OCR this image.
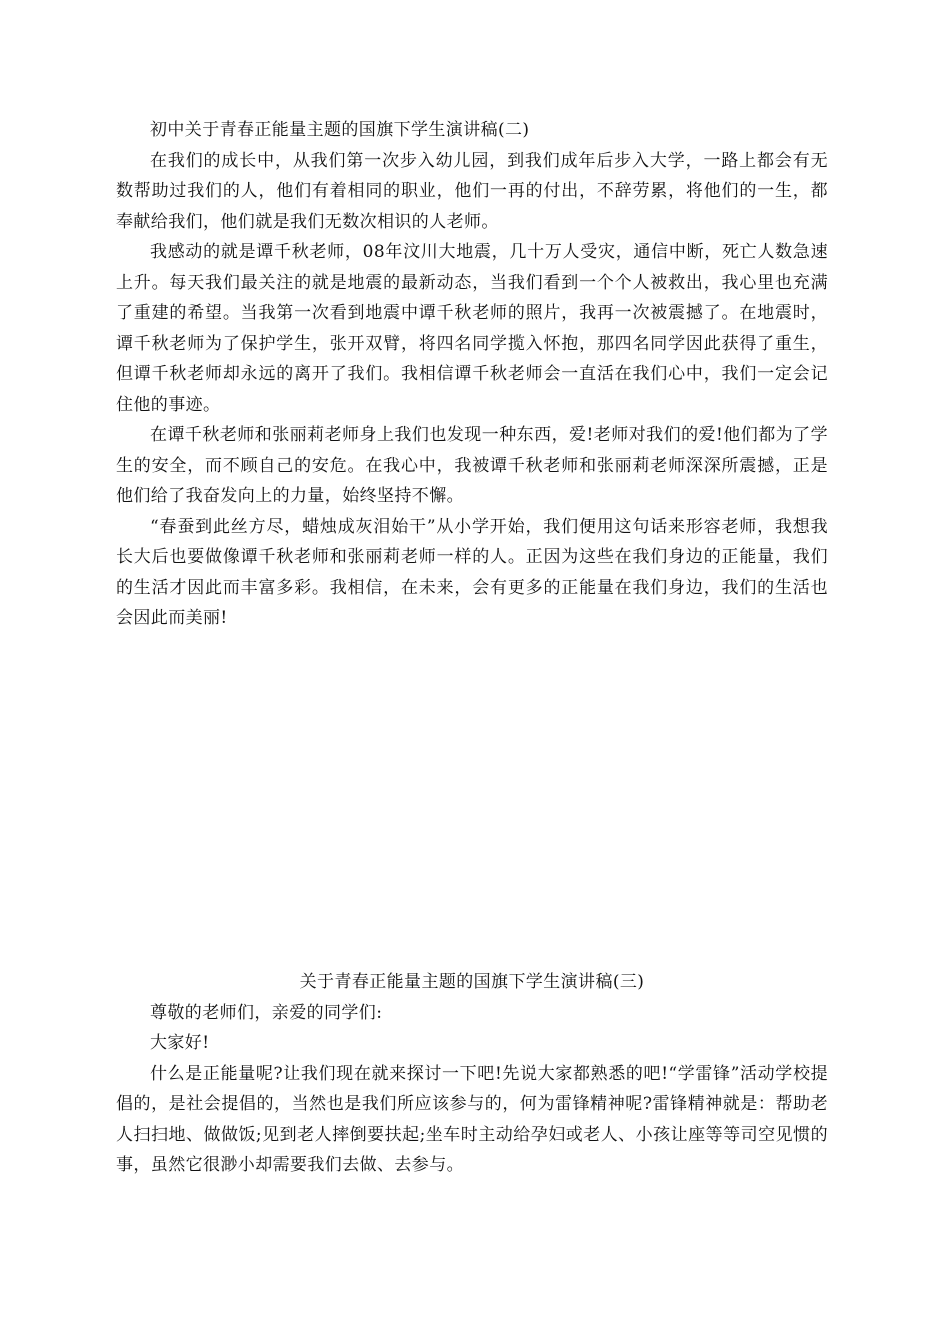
初中关于青春正能量主题的国旗下学生演讲稿(二)

在我们的成长中，从我们第一次步入幼儿园，到我们成年后步入大学，一路上都会有无数帮助过我们的人，他们有着相同的职业，他们一再的付出，不辞劳累，将他们的一生，都奉献给我们，他们就是我们无数次相识的人老师。

我感动的就是谭千秋老师，08年汶川大地震，几十万人受灾，通信中断，死亡人数急速上升。每天我们最关注的就是地震的最新动态，当我们看到一个个人被救出，我心里也充满了重建的希望。当我第一次看到地震中谭千秋老师的照片，我再一次被震撼了。在地震时，谭千秋老师为了保护学生，张开双臂，将四名同学揽入怀抱，那四名同学因此获得了重生，但谭千秋老师却永远的离开了我们。我相信谭千秋老师会一直活在我们心中，我们一定会记住他的事迹。

在谭千秋老师和张丽莉老师身上我们也发现一种东西，爱!老师对我们的爱!他们都为了学生的安全，而不顾自己的安危。在我心中，我被谭千秋老师和张丽莉老师深深所震撼，正是他们给了我奋发向上的力量，始终坚持不懈。

“春蚕到此丝方尽，蜡烛成灰泪始干”从小学开始，我们便用这句话来形容老师，我想我长大后也要做像谭千秋老师和张丽莉老师一样的人。正因为这些在我们身边的正能量，我们的生活才因此而丰富多彩。我相信，在未来，会有更多的正能量在我们身边，我们的生活也会因此而美丽!

关于青春正能量主题的国旗下学生演讲稿(三)

尊敬的老师们，亲爱的同学们:

大家好!

什么是正能量呢?让我们现在就来探讨一下吧!先说大家都熟悉的吧!“学雷锋”活动学校提倡的，是社会提倡的，当然也是我们所应该参与的，何为雷锋精神呢?雷锋精神就是：帮助老人扫扫地、做做饭;见到老人摔倒要扶起;坐车时主动给孕妇或老人、小孩让座等等司空见惯的事，虽然它很渺小却需要我们去做、去参与。
